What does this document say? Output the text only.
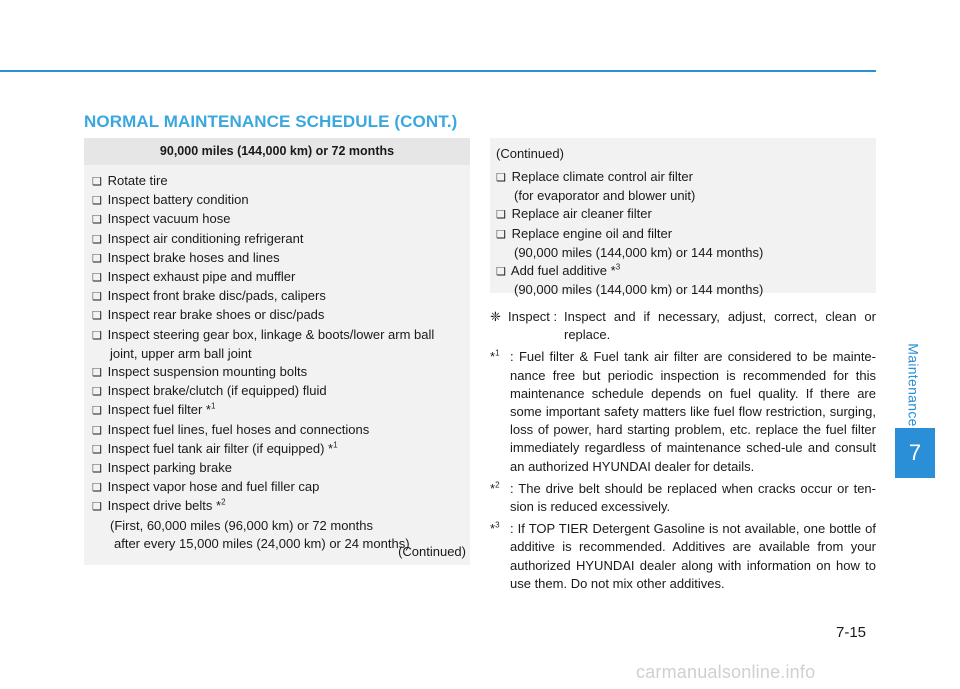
NORMAL MAINTENANCE SCHEDULE (CONT.)
90,000 miles (144,000 km) or 72 months
❑ Rotate tire
❑ Inspect battery condition
❑ Inspect vacuum hose
❑ Inspect air conditioning refrigerant
❑ Inspect brake hoses and lines
❑ Inspect exhaust pipe and muffler
❑ Inspect front brake disc/pads, calipers
❑ Inspect rear brake shoes or disc/pads
❑ Inspect steering gear box, linkage & boots/lower arm ball
joint, upper arm ball joint
❑ Inspect suspension mounting bolts
❑ Inspect brake/clutch (if equipped) fluid
❑ Inspect fuel filter *$^1$
❑ Inspect fuel lines, fuel hoses and connections
❑ Inspect fuel tank air filter (if equipped) *$^1$
❑ Inspect parking brake
❑ Inspect vapor hose and fuel filler cap
❑ Inspect drive belts *$^2$
(First, 60,000 miles (96,000 km) or 72 months
after every 15,000 miles (24,000 km) or 24 months)
(Continued)
(Continued)
❑ Replace climate control air filter
(for evaporator and blower unit)
❑ Replace air cleaner filter
❑ Replace engine oil and filter
(90,000 miles (144,000 km) or 144 months)
❑ Add fuel additive *$^3$
(90,000 miles (144,000 km) or 144 months)
❈ Inspect : Inspect and if necessary, adjust, correct, clean or replace.
*$^1$ : Fuel filter & Fuel tank air filter are considered to be mainte-nance free but periodic inspection is recommended for this maintenance schedule depends on fuel quality. If there are some important safety matters like fuel flow restriction, surging, loss of power, hard starting problem, etc. replace the fuel filter immediately regardless of maintenance sched-ule and consult an authorized HYUNDAI dealer for details.
*$^2$ : The drive belt should be replaced when cracks occur or ten-sion is reduced excessively.
*$^3$ : If TOP TIER Detergent Gasoline is not available, one bottle of additive is recommended. Additives are available from your authorized HYUNDAI dealer along with information on how to use them. Do not mix other additives.
Maintenance
7
7-15
carmanualsonline.info
